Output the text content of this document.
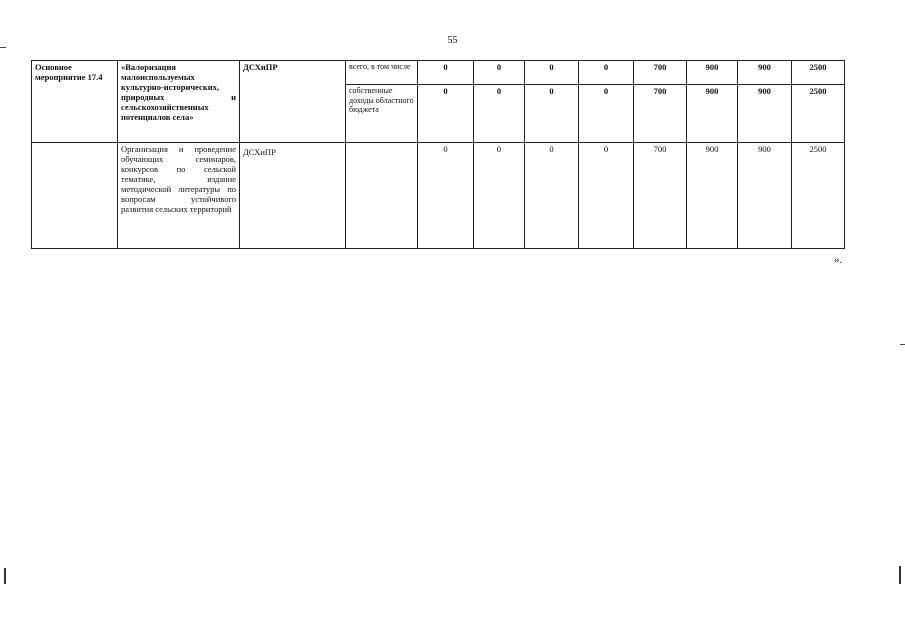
55
Основное мероприятие 17.4	«Валоризация малоиспользуемых культурно-исторических, природных и сельскохозяйственных потенциалов села»	ДСХиПР	всего, в том числе	0	0	0	0	700	900	900	2500
			собственные доходы областного бюджета	0	0	0	0	700	900	900	2500
	Организация и проведение обучающих семинаров, конкурсов по сельской тематике, издание методической литературы по вопросам устойчивого развития сельских территорий	ДСХиПР		0	0	0	0	700	900	900	2500
».
